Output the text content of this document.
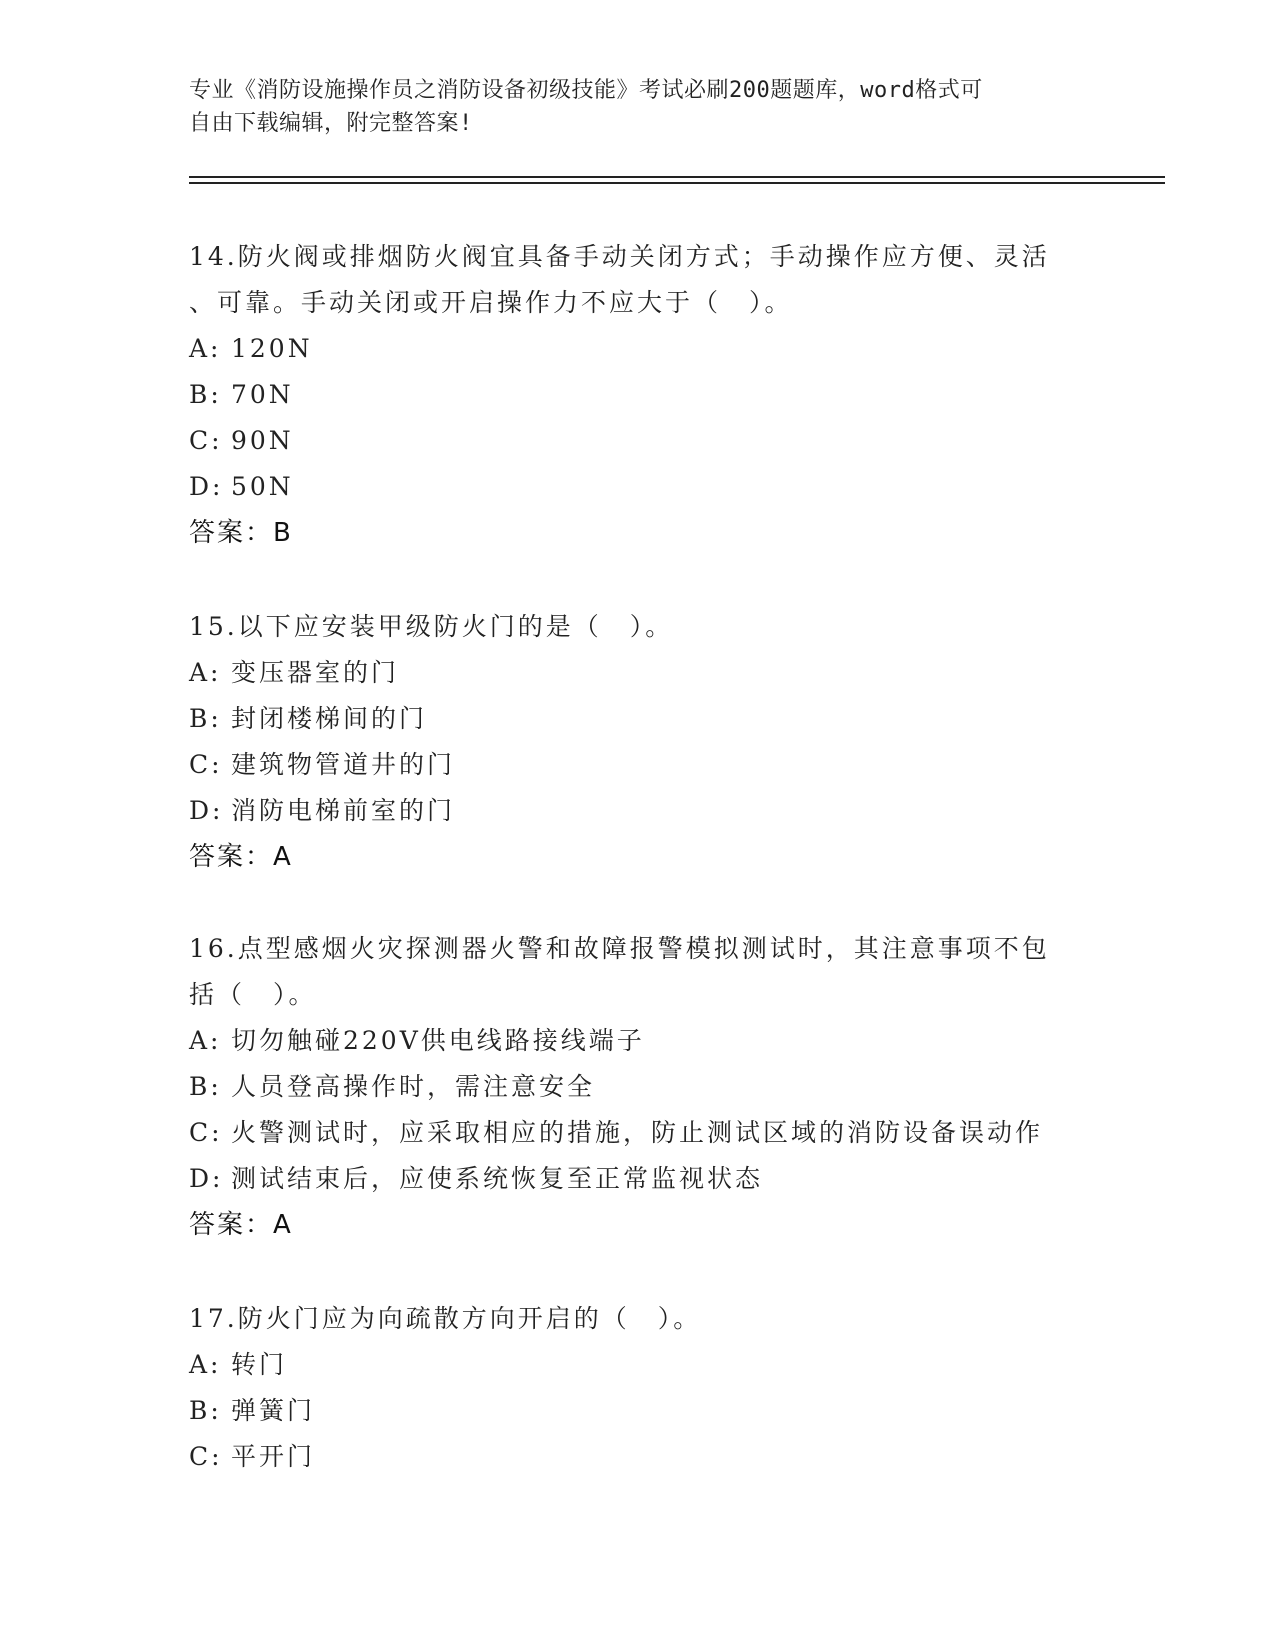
专业《消防设施操作员之消防设备初级技能》考试必刷200题题库，word格式可
自由下载编辑，附完整答案!

14.防火阀或排烟防火阀宜具备手动关闭方式；手动操作应方便、灵活

、可靠。手动关闭或开启操作力不应大于（　）。

A: 120N

B: 70N

C: 90N

D: 50N

答案：B

15.以下应安装甲级防火门的是（　）。

A: 变压器室的门

B: 封闭楼梯间的门

C: 建筑物管道井的门

D: 消防电梯前室的门

答案：A

16.点型感烟火灾探测器火警和故障报警模拟测试时，其注意事项不包

括（　）。

A: 切勿触碰220V供电线路接线端子

B: 人员登高操作时，需注意安全

C: 火警测试时，应采取相应的措施，防止测试区域的消防设备误动作

D: 测试结束后，应使系统恢复至正常监视状态

答案：A

17.防火门应为向疏散方向开启的（　）。

A: 转门

B: 弹簧门

C: 平开门
